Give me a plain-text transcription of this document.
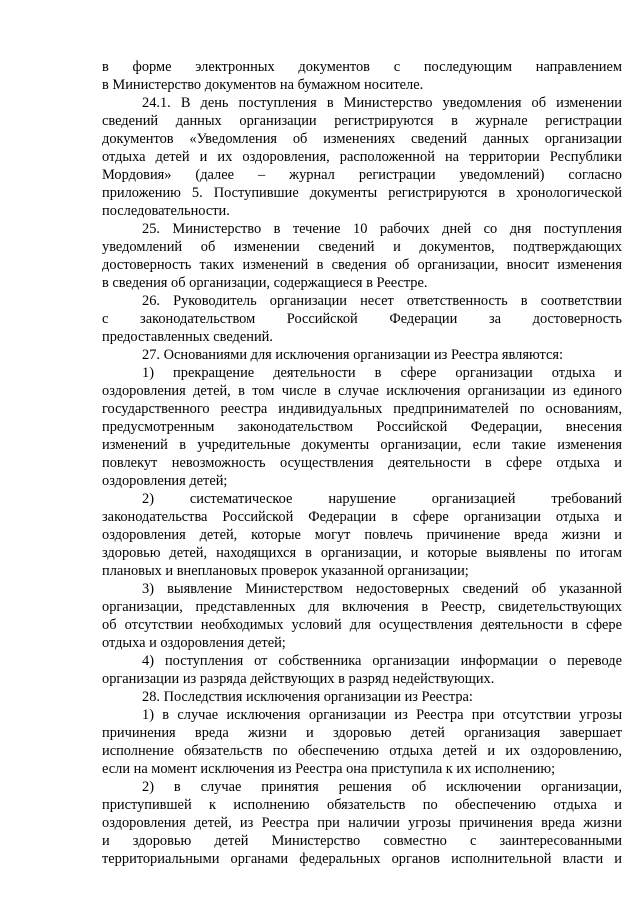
в форме электронных документов с последующим направлением
в Министерство документов на бумажном носителе.
24.1. В день поступления в Министерство уведомления об изменении
сведений данных организации регистрируются в журнале регистрации
документов «Уведомления об изменениях сведений данных организации
отдыха детей и их оздоровления, расположенной на территории Республики
Мордовия» (далее – журнал регистрации уведомлений) согласно
приложению 5. Поступившие документы регистрируются в хронологической
последовательности.
25. Министерство в течение 10 рабочих дней со дня поступления
уведомлений об изменении сведений и документов, подтверждающих
достоверность таких изменений в сведения об организации, вносит изменения
в сведения об организации, содержащиеся в Реестре.
26. Руководитель организации несет ответственность в соответствии
с законодательством Российской Федерации за достоверность
предоставленных сведений.
27. Основаниями для исключения организации из Реестра являются:
1) прекращение деятельности в сфере организации отдыха и
оздоровления детей, в том числе в случае исключения организации из единого
государственного реестра индивидуальных предпринимателей по основаниям,
предусмотренным законодательством Российской Федерации, внесения
изменений в учредительные документы организации, если такие изменения
повлекут невозможность осуществления деятельности в сфере отдыха и
оздоровления детей;
2) систематическое нарушение организацией требований
законодательства Российской Федерации в сфере организации отдыха и
оздоровления детей, которые могут повлечь причинение вреда жизни и
здоровью детей, находящихся в организации, и которые выявлены по итогам
плановых и внеплановых проверок указанной организации;
3) выявление Министерством недостоверных сведений об указанной
организации, представленных для включения в Реестр, свидетельствующих
об отсутствии необходимых условий для осуществления деятельности в сфере
отдыха и оздоровления детей;
4) поступления от собственника организации информации о переводе
организации из разряда действующих в разряд недействующих.
28. Последствия исключения организации из Реестра:
1) в случае исключения организации из Реестра при отсутствии угрозы
причинения вреда жизни и здоровью детей организация завершает
исполнение обязательств по обеспечению отдыха детей и их оздоровлению,
если на момент исключения из Реестра она приступила к их исполнению;
2) в случае принятия решения об исключении организации,
приступившей к исполнению обязательств по обеспечению отдыха и
оздоровления детей, из Реестра при наличии угрозы причинения вреда жизни
и здоровью детей Министерство совместно с заинтересованными
территориальными органами федеральных органов исполнительной власти и
